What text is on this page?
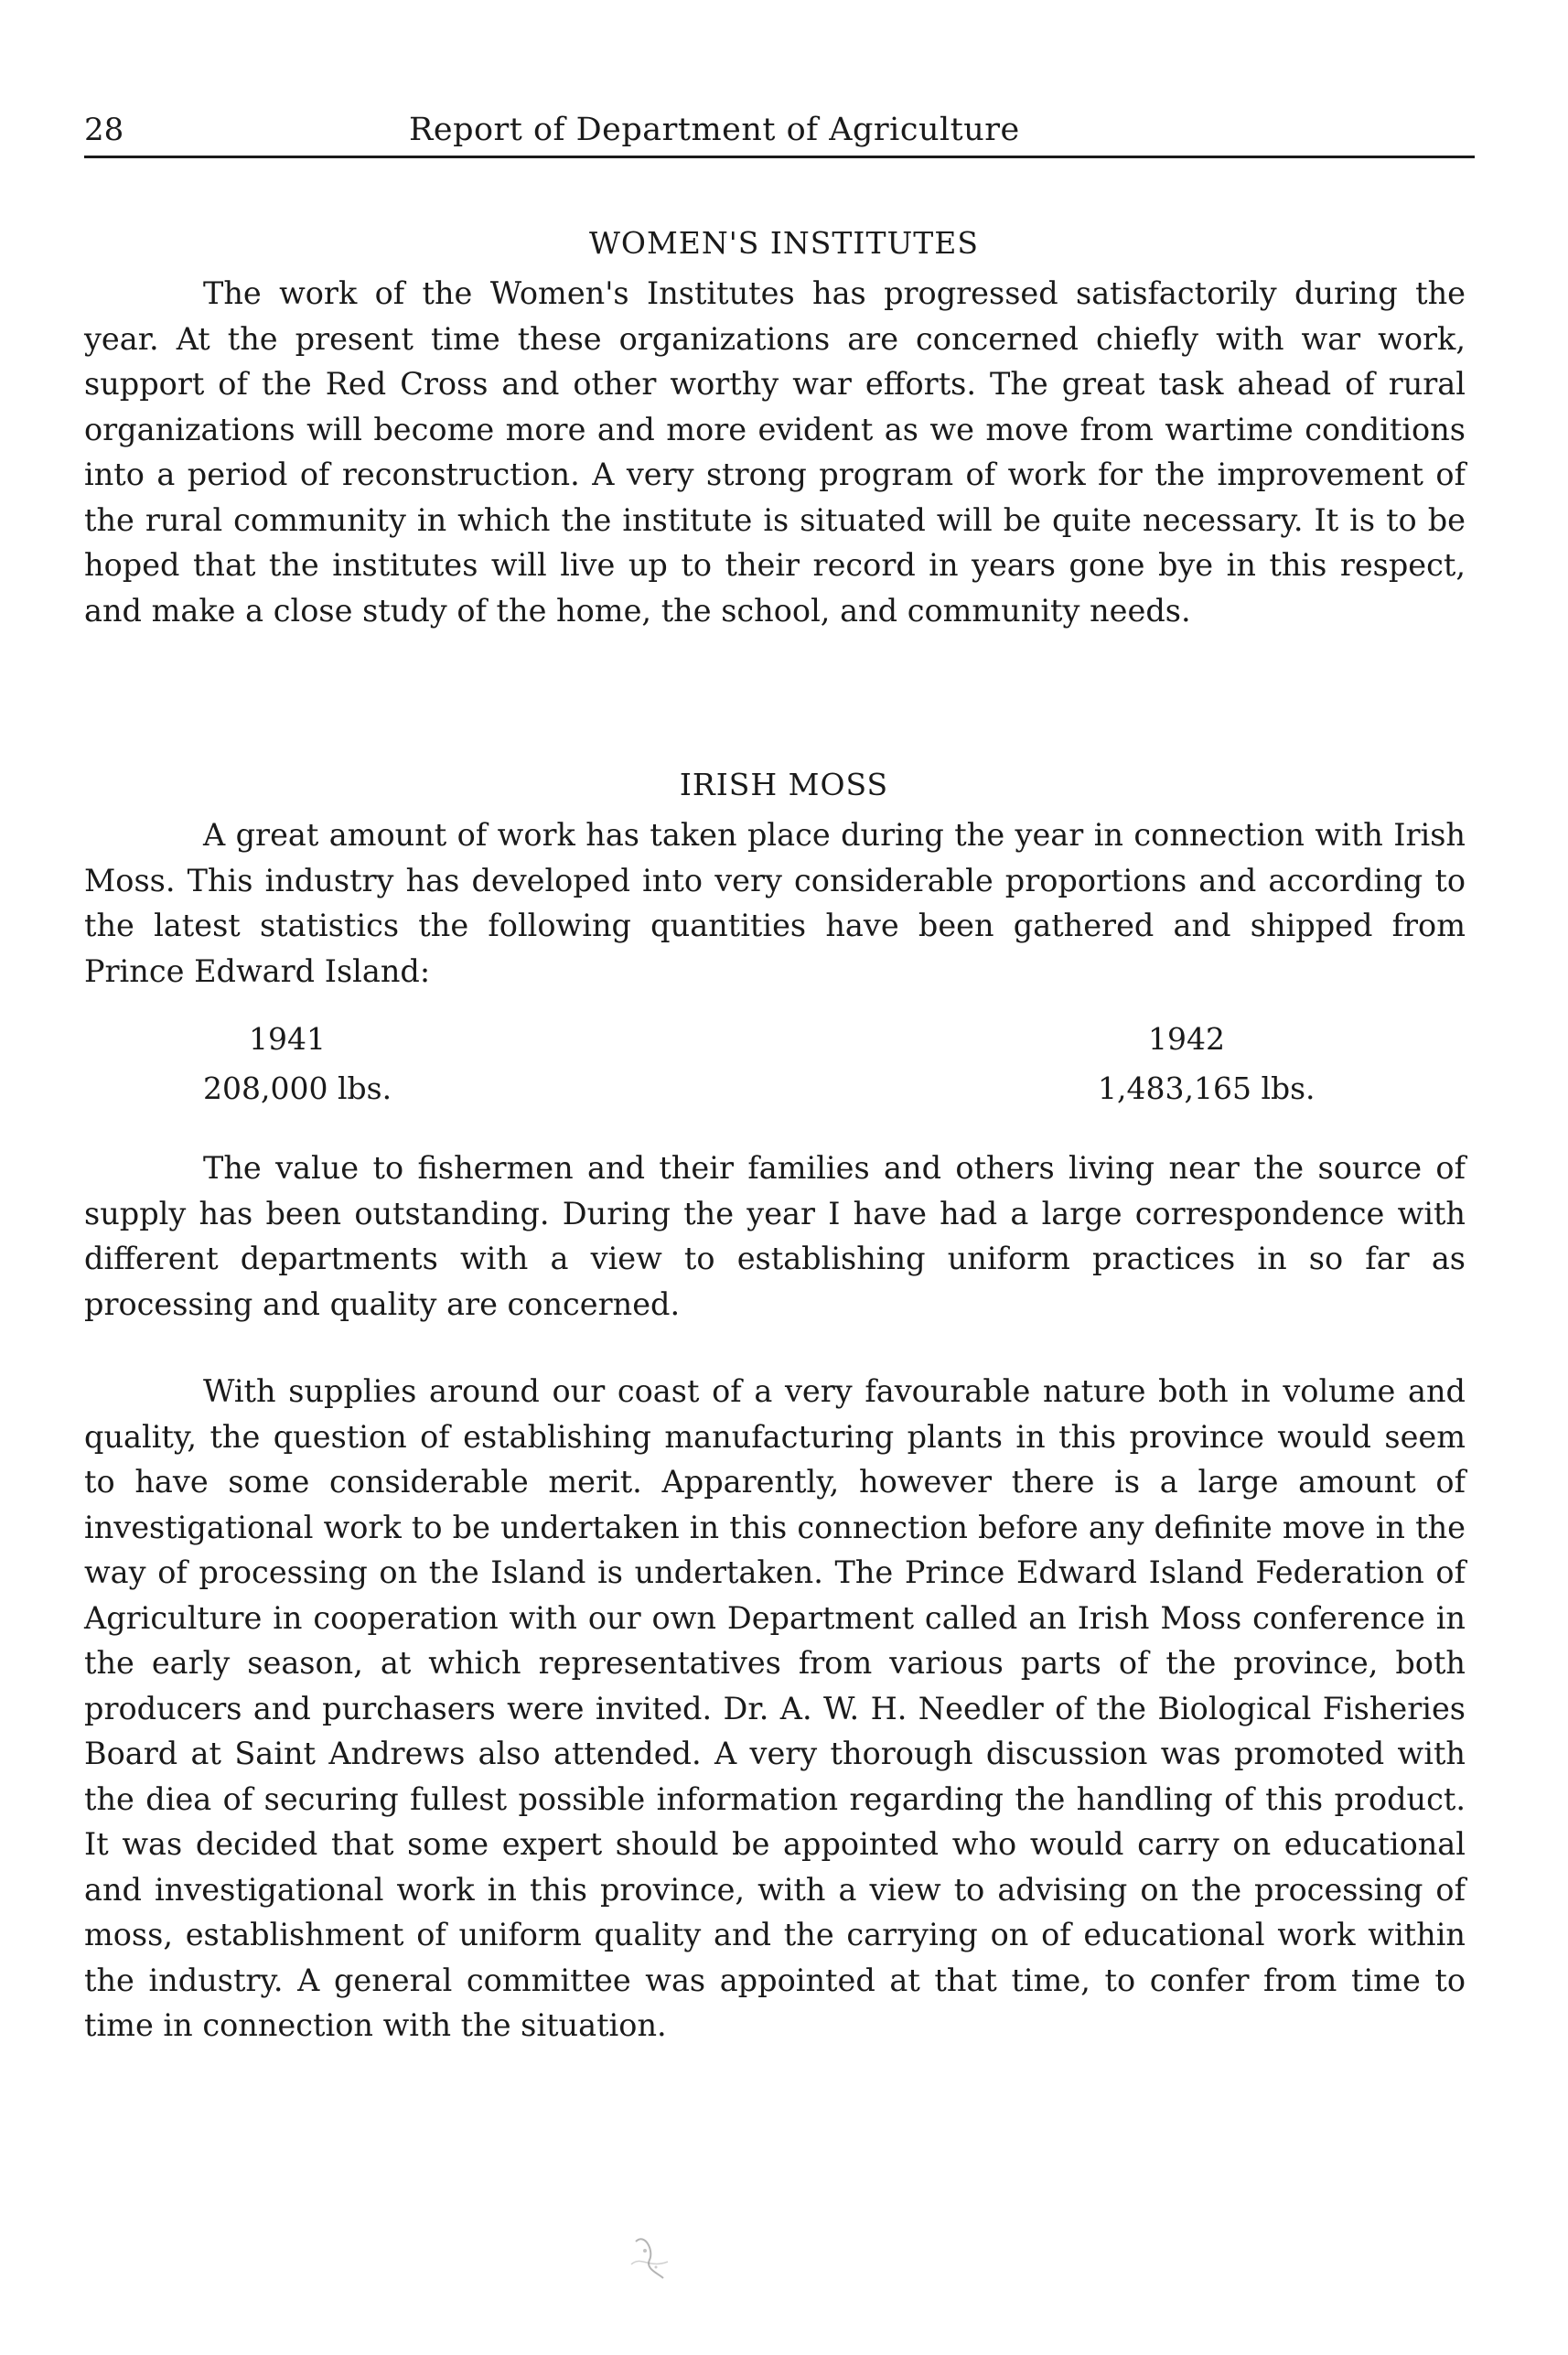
28	Report of Department of Agriculture
WOMEN'S INSTITUTES

The work of the Women's Institutes has progressed satisfactorily during the year. At the present time these organizations are concerned chiefly with war work, support of the Red Cross and other worthy war efforts. The great task ahead of rural organizations will become more and more evident as we move from wartime conditions into a period of reconstruction. A very strong program of work for the improvement of the rural community in which the institute is situated will be quite necessary. It is to be hoped that the institutes will live up to their record in years gone bye in this respect, and make a close study of the home, the school, and community needs.

IRISH MOSS

A great amount of work has taken place during the year in connection with Irish Moss. This industry has developed into very considerable proportions and according to the latest statistics the following quantities have been gathered and shipped from Prince Edward Island:

1941
208,000 lbs.
1942
1,483,165 lbs.

The value to fishermen and their families and others living near the source of supply has been outstanding. During the year I have had a large correspondence with different departments with a view to establishing uniform practices in so far as processing and quality are concerned.

With supplies around our coast of a very favourable nature both in volume and quality, the question of establishing manufacturing plants in this province would seem to have some considerable merit. Apparently, however there is a large amount of investigational work to be undertaken in this connection before any definite move in the way of processing on the Island is undertaken. The Prince Edward Island Federation of Agriculture in cooperation with our own Department called an Irish Moss conference in the early season, at which representatives from various parts of the province, both producers and purchasers were invited. Dr. A. W. H. Needler of the Biological Fisheries Board at Saint Andrews also attended. A very thorough discussion was promoted with the diea of securing fullest possible information regarding the handling of this product. It was decided that some expert should be appointed who would carry on educational and investigational work in this province, with a view to advising on the processing of moss, establishment of uniform quality and the carrying on of educational work within the industry. A general committee was appointed at that time, to confer from time to time in connection with the situation.
